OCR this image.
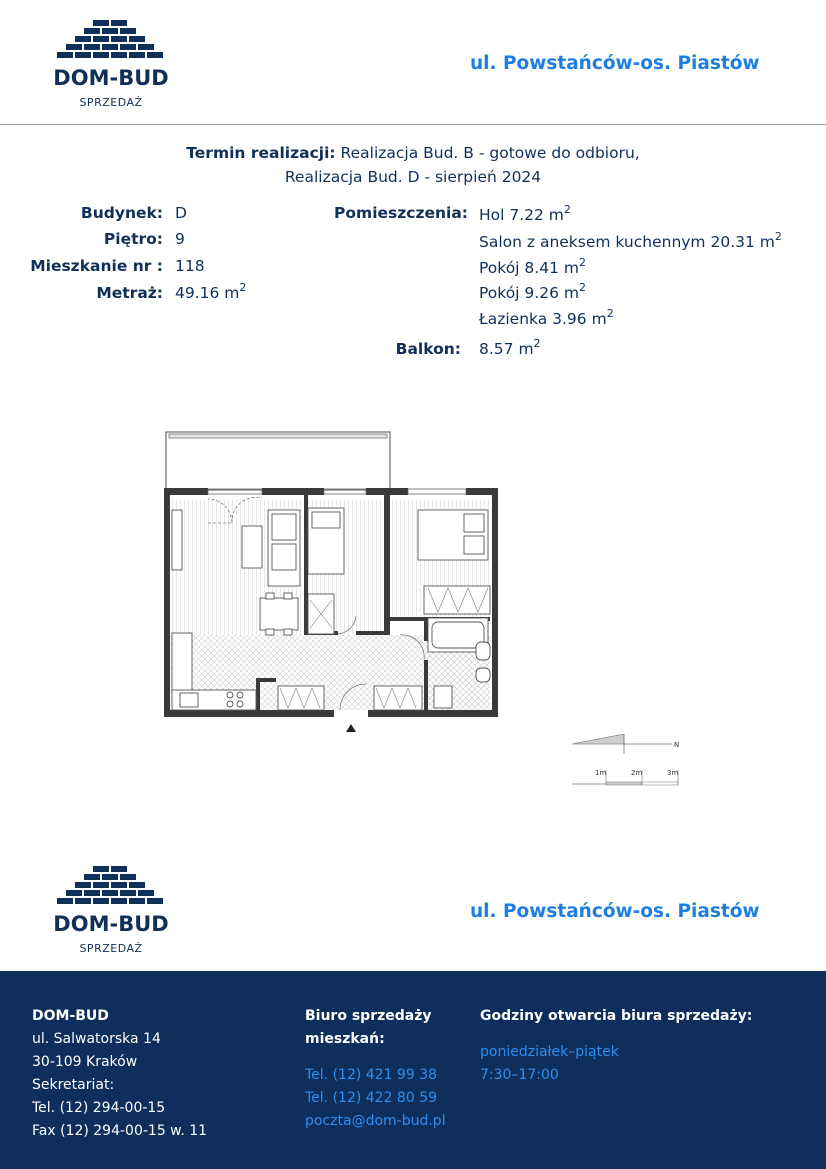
DOM-BUD
SPRZEDAŻ
ul. Powstańców-os. Piastów
Termin realizacji: Realizacja Bud. B - gotowe do odbioru,
Realizacja Bud. D - sierpień 2024
Budynek: D
Piętro: 9
Mieszkanie nr : 118
Metraż: 49.16 $m^2$
Pomieszczenia: Hol 7.22 $m^2$
Salon z aneksem kuchennym 20.31 $m^2$
Pokój 8.41 $m^2$
Pokój 9.26 $m^2$
Łazienka 3.96 $m^2$
Balkon: 8.57 $m^2$
N
1m	2m	3m
DOM-BUD
SPRZEDAŻ
ul. Powstańców-os. Piastów
DOM-BUD
ul. Salwatorska 14
30-109 Kraków
Sekretariat:
Tel. (12) 294-00-15
Fax (12) 294-00-15 w. 11
Biuro sprzedaży
mieszkań:
Tel. (12) 421 99 38
Tel. (12) 422 80 59
poczta@dom-bud.pl
Godziny otwarcia biura sprzedaży:
poniedziałek–piątek
7:30–17:00
